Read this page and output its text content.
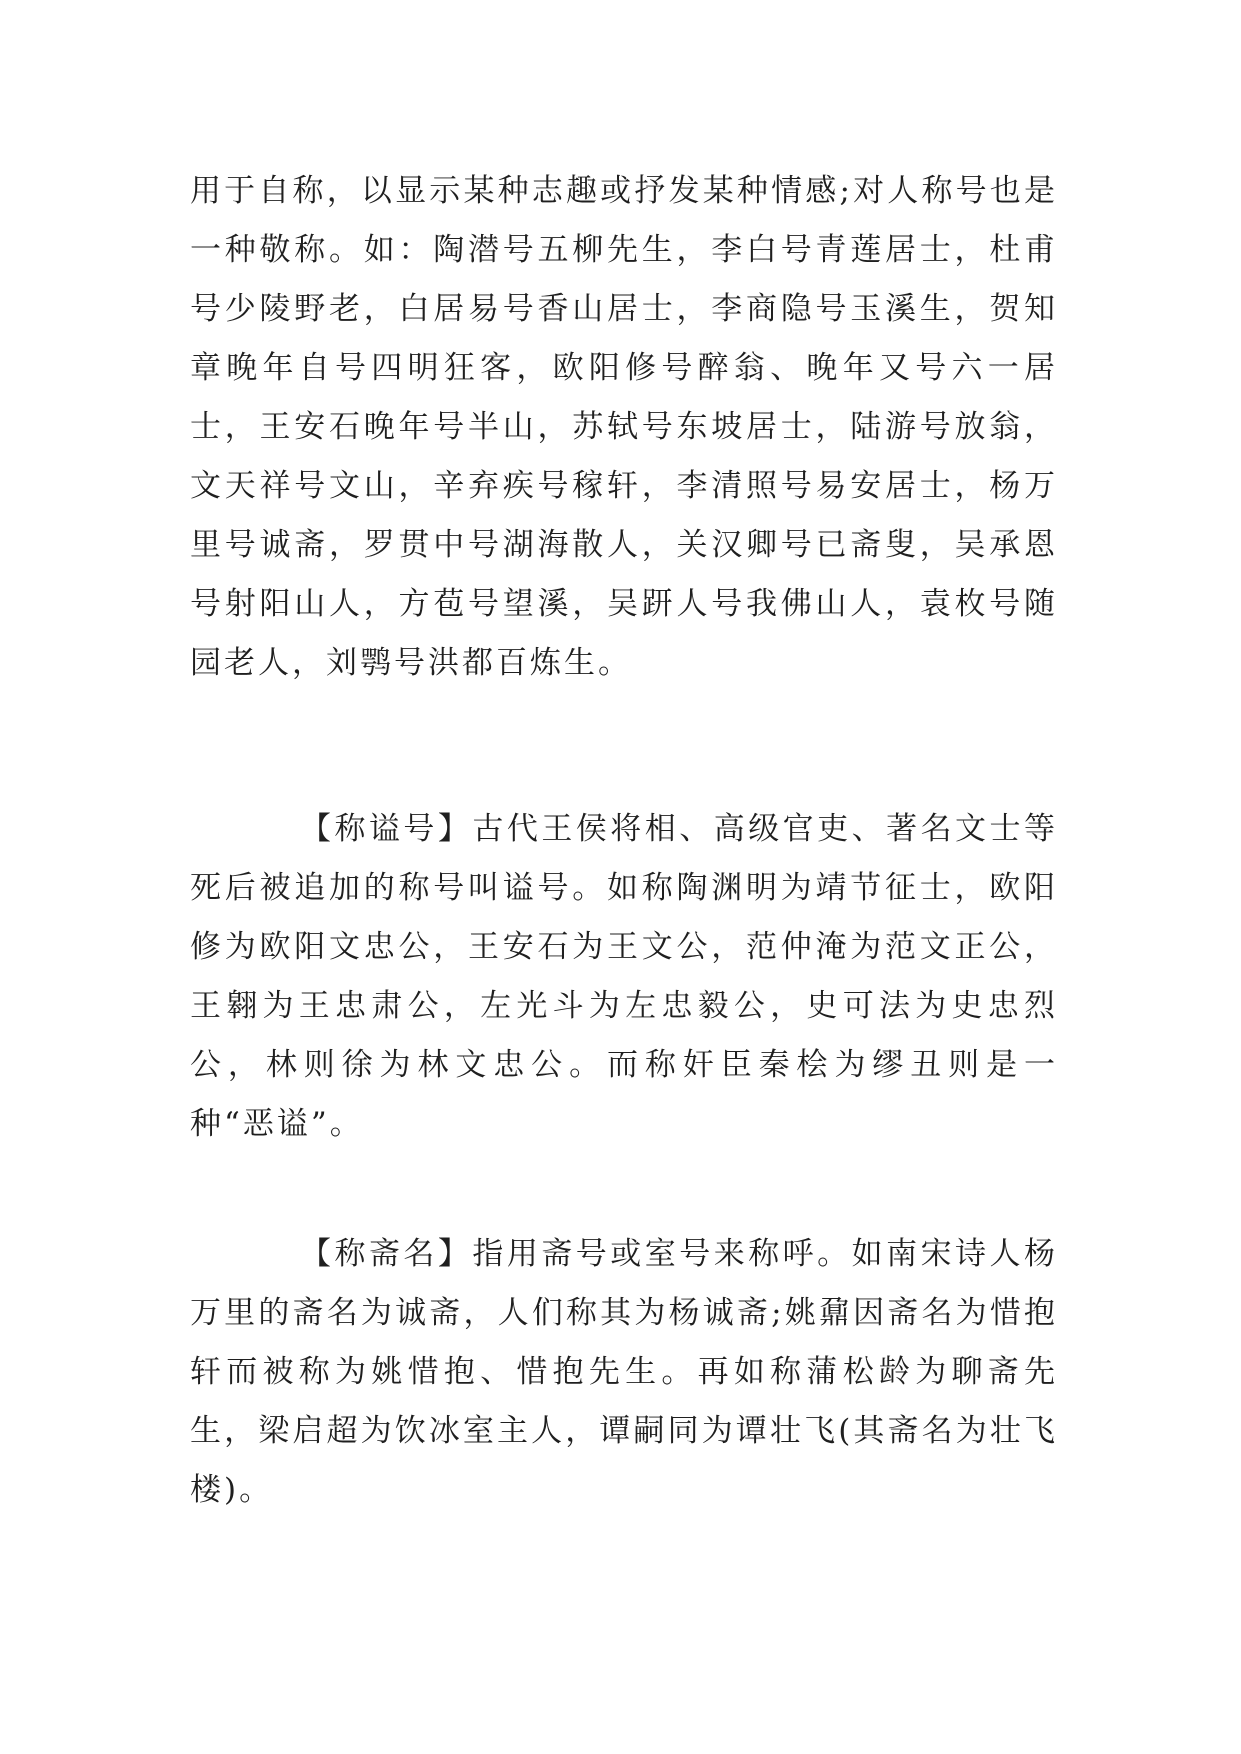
用于自称，以显示某种志趣或抒发某种情感;对人称号也是一种敬称。如：陶潜号五柳先生，李白号青莲居士，杜甫号少陵野老，白居易号香山居士，李商隐号玉溪生，贺知章晚年自号四明狂客，欧阳修号醉翁、晚年又号六一居士，王安石晚年号半山，苏轼号东坡居士，陆游号放翁，文天祥号文山，辛弃疾号稼轩，李清照号易安居士，杨万里号诚斋，罗贯中号湖海散人，关汉卿号已斋叟，吴承恩号射阳山人，方苞号望溪，吴趼人号我佛山人，袁枚号随园老人，刘鹗号洪都百炼生。

【称谥号】古代王侯将相、高级官吏、著名文士等死后被追加的称号叫谥号。如称陶渊明为靖节征士，欧阳修为欧阳文忠公，王安石为王文公，范仲淹为范文正公，王翱为王忠肃公，左光斗为左忠毅公，史可法为史忠烈公，林则徐为林文忠公。而称奸臣秦桧为缪丑则是一种“恶谥”。

【称斋名】指用斋号或室号来称呼。如南宋诗人杨万里的斋名为诚斋，人们称其为杨诚斋;姚鼐因斋名为惜抱轩而被称为姚惜抱、惜抱先生。再如称蒲松龄为聊斋先生，梁启超为饮冰室主人，谭嗣同为谭壮飞(其斋名为壮飞楼)。
